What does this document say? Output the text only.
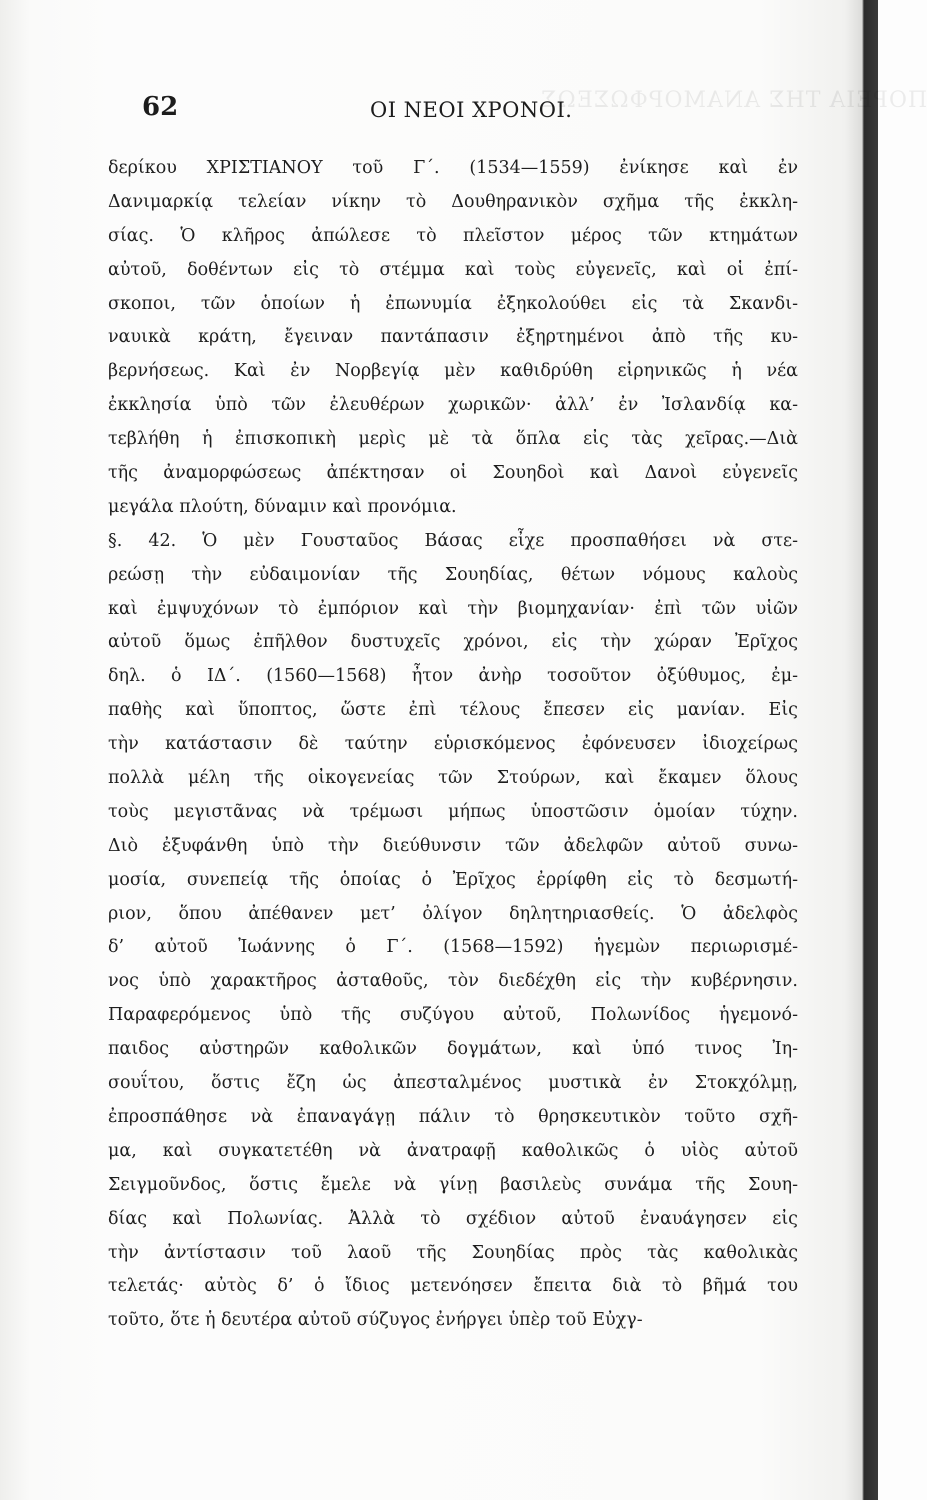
ΠΟΡΕΙΑ ΤΗΣ ΑΝΑΜΟΡΦΩΣΕΩΣ
62	ΟΙ ΝΕΟΙ ΧΡΟΝΟΙ.
δερίκου ΧΡΙΣΤΙΑΝΟΥ τοῦ Γ΄. (1534—1559) ἐνίκησε καὶ ἐν
Δανιμαρκίᾳ τελείαν νίκην τὸ Δουθηρανικὸν σχῆμα τῆς ἐκκλη-
σίας. Ὁ κλῆρος ἀπώλεσε τὸ πλεῖστον μέρος τῶν κτημάτων
αὐτοῦ, δοθέντων εἰς τὸ στέμμα καὶ τοὺς εὐγενεῖς, καὶ οἱ ἐπί-
σκοποι, τῶν ὁποίων ἡ ἐπωνυμία ἐξηκολούθει εἰς τὰ Σκανδι-
ναυικὰ κράτη, ἔγειναν παντάπασιν ἐξηρτημένοι ἀπὸ τῆς κυ-
βερνήσεως. Καὶ ἐν Νορβεγίᾳ μὲν καθιδρύθη εἰρηνικῶς ἡ νέα
ἐκκλησία ὑπὸ τῶν ἐλευθέρων χωρικῶν· ἀλλ’ ἐν Ἰσλανδίᾳ κα-
τεβλήθη ἡ ἐπισκοπικὴ μερὶς μὲ τὰ ὅπλα εἰς τὰς χεῖρας.—Διὰ
τῆς ἀναμορφώσεως ἀπέκτησαν οἱ Σουηδοὶ καὶ Δανοὶ εὐγενεῖς
μεγάλα πλούτη, δύναμιν καὶ προνόμια.
§. 42. Ὁ μὲν Γουσταῦος Βάσας εἶχε προσπαθήσει νὰ στε-
ρεώσῃ τὴν εὐδαιμονίαν τῆς Σουηδίας, θέτων νόμους καλοὺς
καὶ ἐμψυχόνων τὸ ἐμπόριον καὶ τὴν βιομηχανίαν· ἐπὶ τῶν υἱῶν
αὐτοῦ ὅμως ἐπῆλθον δυστυχεῖς χρόνοι, εἰς τὴν χώραν Ἐρῖχος
δηλ. ὁ ΙΔ΄. (1560—1568) ἦτον ἀνὴρ τοσοῦτον ὀξύθυμος, ἐμ-
παθὴς καὶ ὕποπτος, ὥστε ἐπὶ τέλους ἔπεσεν εἰς μανίαν. Εἰς
τὴν κατάστασιν δὲ ταύτην εὑρισκόμενος ἐφόνευσεν ἰδιοχείρως
πολλὰ μέλη τῆς οἰκογενείας τῶν Στούρων, καὶ ἔκαμεν ὅλους
τοὺς μεγιστᾶνας νὰ τρέμωσι μήπως ὑποστῶσιν ὁμοίαν τύχην.
Διὸ ἐξυφάνθη ὑπὸ τὴν διεύθυνσιν τῶν ἀδελφῶν αὐτοῦ συνω-
μοσία, συνεπείᾳ τῆς ὁποίας ὁ Ἐρῖχος ἐρρίφθη εἰς τὸ δεσμωτή-
ριον, ὅπου ἀπέθανεν μετ’ ὀλίγον δηλητηριασθείς. Ὁ ἀδελφὸς
δ’ αὐτοῦ Ἰωάννης ὁ Γ΄. (1568—1592) ἡγεμὼν περιωρισμέ-
νος ὑπὸ χαρακτῆρος ἀσταθοῦς, τὸν διεδέχθη εἰς τὴν κυβέρνησιν.
Παραφερόμενος ὑπὸ τῆς συζύγου αὐτοῦ, Πολωνίδος ἡγεμονό-
παιδος αὐστηρῶν καθολικῶν δογμάτων, καὶ ὑπό τινος Ἰη-
σουΐτου, ὅστις ἔζη ὡς ἀπεσταλμένος μυστικὰ ἐν Στοκχόλμῃ,
ἐπροσπάθησε νὰ ἐπαναγάγῃ πάλιν τὸ θρησκευτικὸν τοῦτο σχῆ-
μα, καὶ συγκατετέθη νὰ ἀνατραφῇ καθολικῶς ὁ υἱὸς αὐτοῦ
Σειγμοῦνδος, ὅστις ἔμελε νὰ γίνῃ βασιλεὺς συνάμα τῆς Σουη-
δίας καὶ Πολωνίας. Ἀλλὰ τὸ σχέδιον αὐτοῦ ἐναυάγησεν εἰς
τὴν ἀντίστασιν τοῦ λαοῦ τῆς Σουηδίας πρὸς τὰς καθολικὰς
τελετάς· αὐτὸς δ’ ὁ ἴδιος μετενόησεν ἔπειτα διὰ τὸ βῆμά του
τοῦτο, ὅτε ἡ δευτέρα αὐτοῦ σύζυγος ἐνήργει ὑπὲρ τοῦ Εὐχγ-
